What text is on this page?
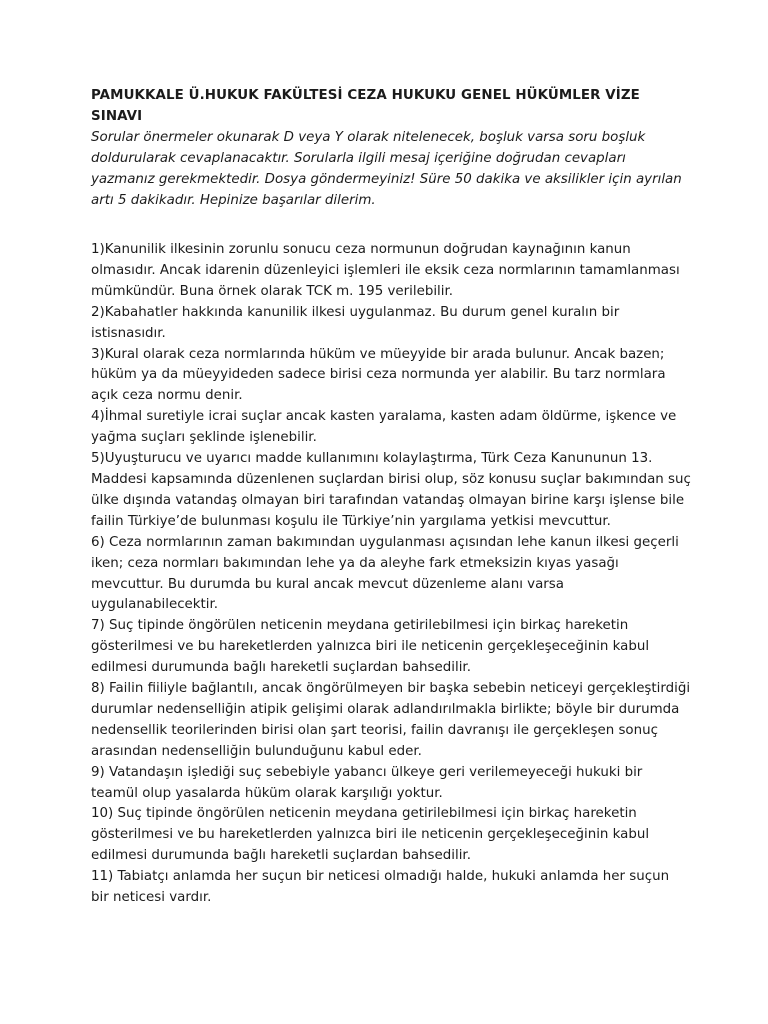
PAMUKKALE Ü.HUKUK FAKÜLTESİ CEZA HUKUKU GENEL HÜKÜMLER VİZE SINAVI

Sorular önermeler okunarak D veya Y olarak nitelenecek, boşluk varsa soru boşluk doldurularak cevaplanacaktır. Sorularla ilgili mesaj içeriğine doğrudan cevapları yazmanız gerekmektedir. Dosya göndermeyiniz! Süre 50 dakika ve aksilikler için ayrılan artı 5 dakikadır. Hepinize başarılar dilerim.

1)Kanunilik ilkesinin zorunlu sonucu ceza normunun doğrudan kaynağının kanun olmasıdır. Ancak idarenin düzenleyici işlemleri ile eksik ceza normlarının tamamlanması mümkündür. Buna örnek olarak TCK m. 195 verilebilir.
2)Kabahatler hakkında kanunilik ilkesi uygulanmaz. Bu durum genel kuralın bir istisnasıdır.
3)Kural olarak ceza normlarında hüküm ve müeyyide bir arada bulunur. Ancak bazen; hüküm ya da müeyyideden sadece birisi ceza normunda yer alabilir. Bu tarz normlara açık ceza normu denir.
4)İhmal suretiyle icrai suçlar ancak kasten yaralama, kasten adam öldürme, işkence ve yağma suçları şeklinde işlenebilir.
5)Uyuşturucu ve uyarıcı madde kullanımını kolaylaştırma, Türk Ceza Kanununun 13. Maddesi kapsamında düzenlenen suçlardan birisi olup, söz konusu suçlar bakımından suç ülke dışında vatandaş olmayan biri tarafından vatandaş olmayan birine karşı işlense bile failin Türkiye’de bulunması koşulu ile Türkiye’nin yargılama yetkisi mevcuttur.
6) Ceza normlarının zaman bakımından uygulanması açısından lehe kanun ilkesi geçerli iken; ceza normları bakımından lehe ya da aleyhe fark etmeksizin kıyas yasağı mevcuttur. Bu durumda bu kural ancak mevcut düzenleme alanı varsa uygulanabilecektir.
7) Suç tipinde öngörülen neticenin meydana getirilebilmesi için birkaç hareketin gösterilmesi ve bu hareketlerden yalnızca biri ile neticenin gerçekleşeceğinin kabul edilmesi durumunda bağlı hareketli suçlardan bahsedilir.
8) Failin fiiliyle bağlantılı, ancak öngörülmeyen bir başka sebebin neticeyi gerçekleştirdiği durumlar nedenselliğin atipik gelişimi olarak adlandırılmakla birlikte; böyle bir durumda nedensellik teorilerinden birisi olan şart teorisi, failin davranışı ile gerçekleşen sonuç arasından nedenselliğin bulunduğunu kabul eder.
9) Vatandaşın işlediği suç sebebiyle yabancı ülkeye geri verilemeyeceği hukuki bir teamül olup yasalarda hüküm olarak karşılığı yoktur.
10) Suç tipinde öngörülen neticenin meydana getirilebilmesi için birkaç hareketin gösterilmesi ve bu hareketlerden yalnızca biri ile neticenin gerçekleşeceğinin kabul edilmesi durumunda bağlı hareketli suçlardan bahsedilir.
11) Tabiatçı anlamda her suçun bir neticesi olmadığı halde, hukuki anlamda her suçun bir neticesi vardır.
